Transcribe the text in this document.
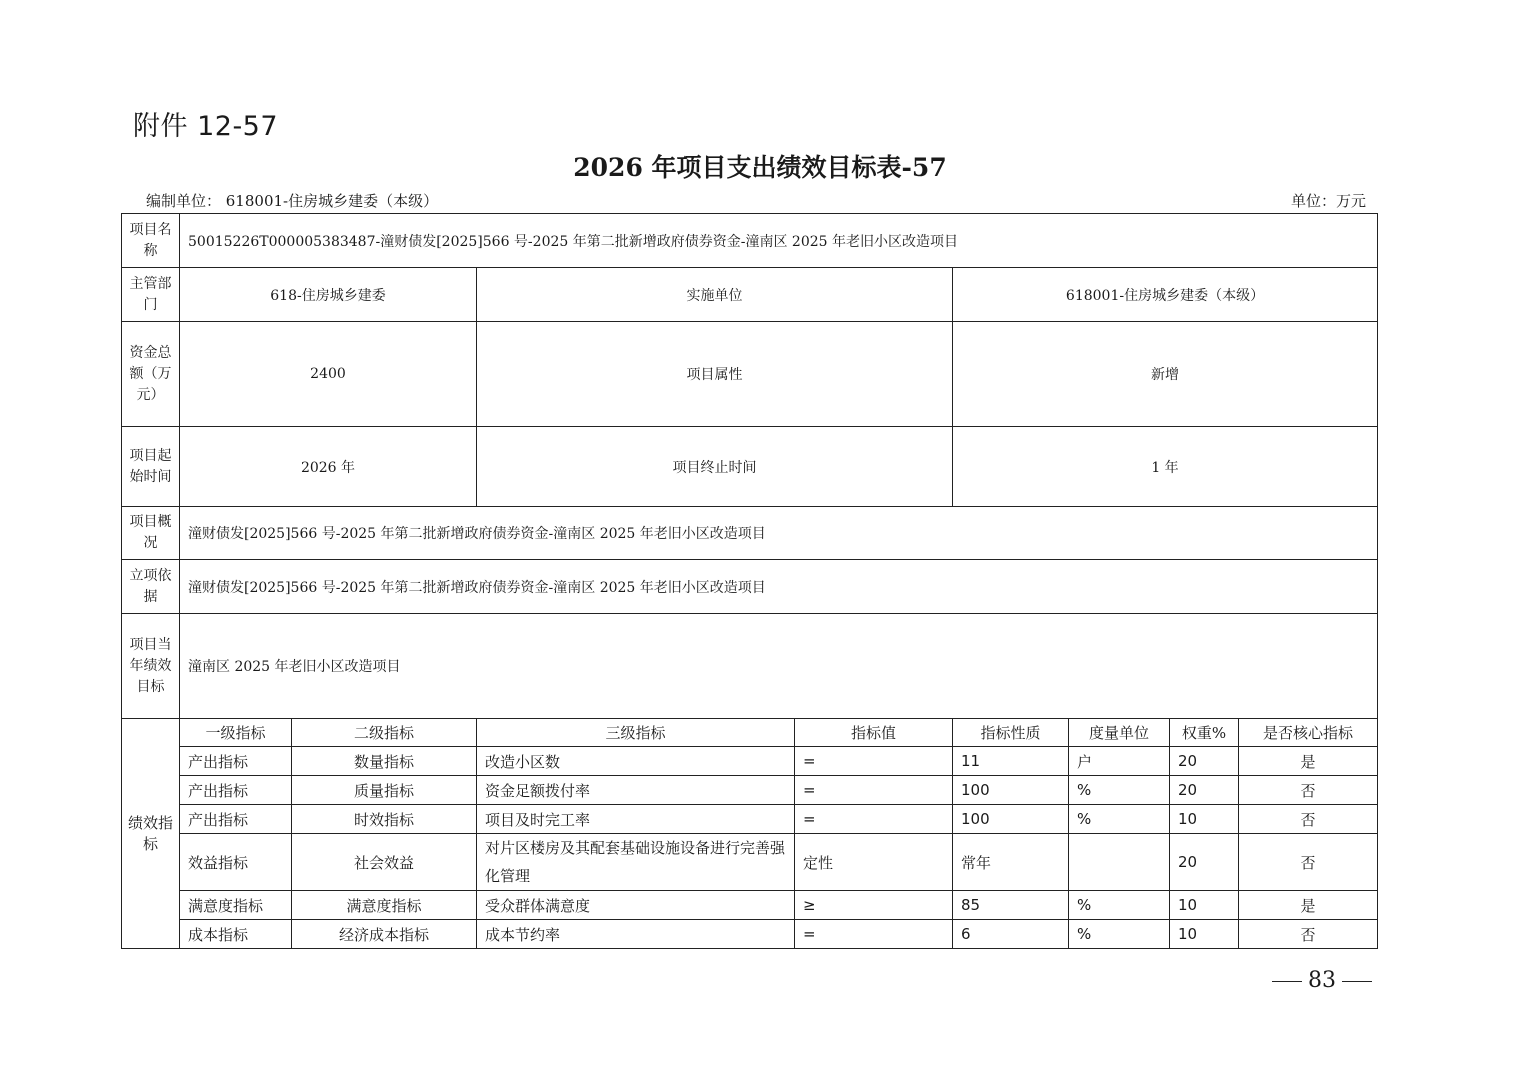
附件 12-57
2026 年项目支出绩效目标表-57
编制单位： 618001-住房城乡建委（本级）	单位：万元
项目名称	50015226T000005383487-潼财债发[2025]566 号-2025 年第二批新增政府债券资金-潼南区 2025 年老旧小区改造项目							
主管部门	618-住房城乡建委		实施单位		618001-住房城乡建委（本级）			
资金总额（万元）	2400		项目属性		新增			
项目起始时间	2026 年		项目终止时间		1 年			
项目概况	潼财债发[2025]566 号-2025 年第二批新增政府债券资金-潼南区 2025 年老旧小区改造项目							
立项依据	潼财债发[2025]566 号-2025 年第二批新增政府债券资金-潼南区 2025 年老旧小区改造项目							
项目当年绩效目标	潼南区 2025 年老旧小区改造项目							
绩效指标	一级指标	二级指标	三级指标	指标值	指标性质	度量单位	权重%	是否核心指标
	产出指标	数量指标	改造小区数	=	11	户	20	是
	产出指标	质量指标	资金足额拨付率	=	100	%	20	否
	产出指标	时效指标	项目及时完工率	=	100	%	10	否
	效益指标	社会效益	对片区楼房及其配套基础设施设备进行完善强化管理	定性	常年		20	否
	满意度指标	满意度指标	受众群体满意度	≥	85	%	10	是
	成本指标	经济成本指标	成本节约率	=	6	%	10	否
83
